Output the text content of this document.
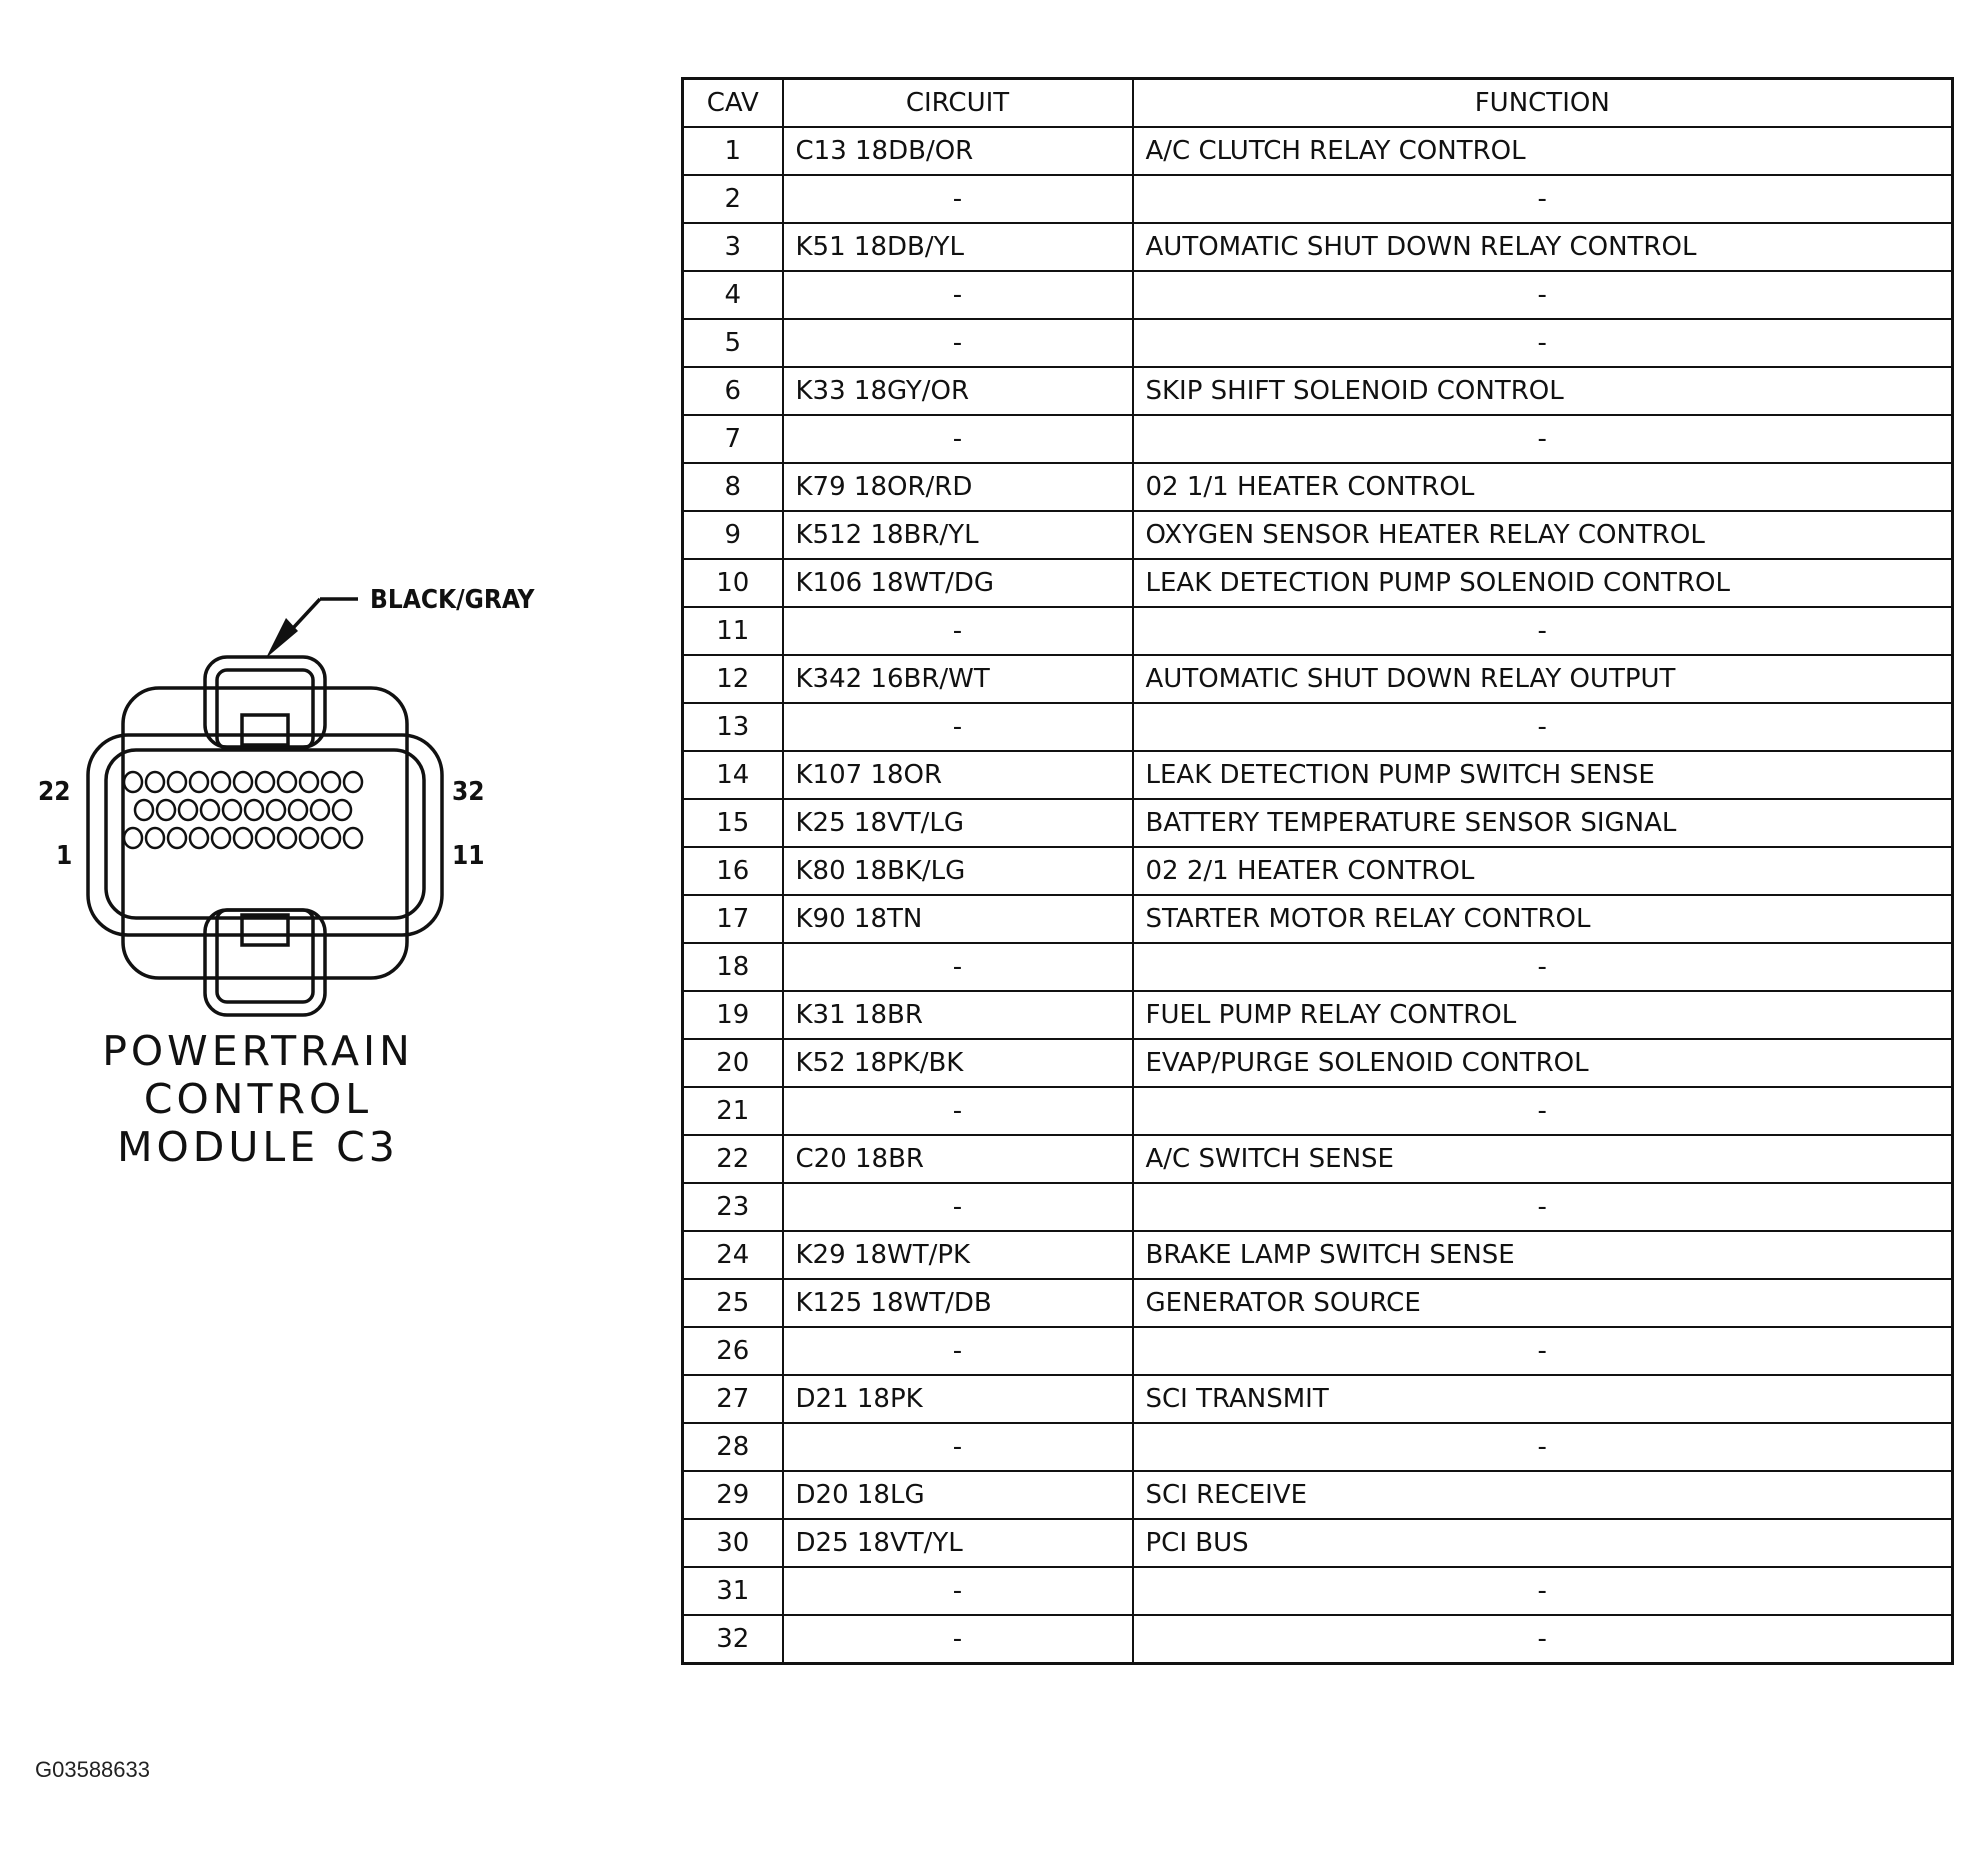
BLACK/GRAY
22	32
1	11
POWERTRAIN
CONTROL
MODULE C3
CAV	CIRCUIT	FUNCTION
1	C13 18DB/OR	A/C CLUTCH RELAY CONTROL
2	-	-
3	K51 18DB/YL	AUTOMATIC SHUT DOWN RELAY CONTROL
4	-	-
5	-	-
6	K33 18GY/OR	SKIP SHIFT SOLENOID CONTROL
7	-	-
8	K79 18OR/RD	02 1/1 HEATER CONTROL
9	K512 18BR/YL	OXYGEN SENSOR HEATER RELAY CONTROL
10	K106 18WT/DG	LEAK DETECTION PUMP SOLENOID CONTROL
11	-	-
12	K342 16BR/WT	AUTOMATIC SHUT DOWN RELAY OUTPUT
13	-	-
14	K107 18OR	LEAK DETECTION PUMP SWITCH SENSE
15	K25 18VT/LG	BATTERY TEMPERATURE SENSOR SIGNAL
16	K80 18BK/LG	02 2/1 HEATER CONTROL
17	K90 18TN	STARTER MOTOR RELAY CONTROL
18	-	-
19	K31 18BR	FUEL PUMP RELAY CONTROL
20	K52 18PK/BK	EVAP/PURGE SOLENOID CONTROL
21	-	-
22	C20 18BR	A/C SWITCH SENSE
23	-	-
24	K29 18WT/PK	BRAKE LAMP SWITCH SENSE
25	K125 18WT/DB	GENERATOR SOURCE
26	-	-
27	D21 18PK	SCI TRANSMIT
28	-	-
29	D20 18LG	SCI RECEIVE
30	D25 18VT/YL	PCI BUS
31	-	-
32	-	-
G03588633
